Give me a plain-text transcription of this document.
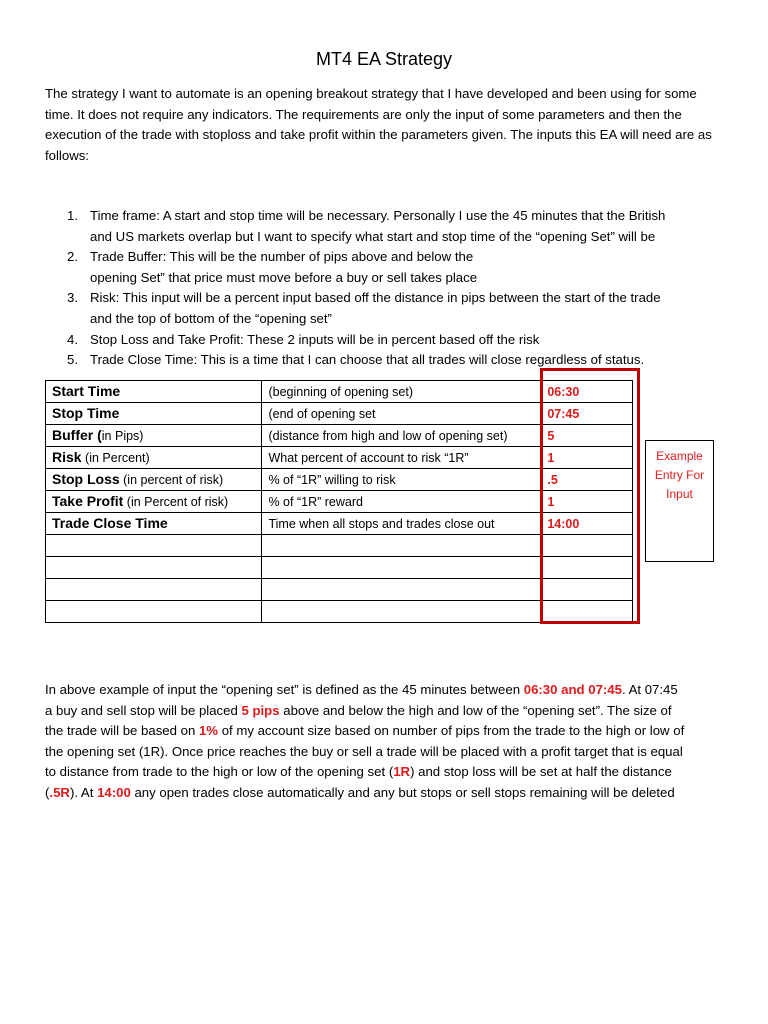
MT4 EA Strategy

The strategy I want to automate is an opening breakout strategy that I have developed and been using for some time. It does not require any indicators. The requirements are only the input of some parameters and then the execution of the trade with stoploss and take profit within the parameters given. The inputs this EA will need are as follows:

1. Time frame: A start and stop time will be necessary. Personally I use the 45 minutes that the British
and US markets overlap but I want to specify what start and stop time of the “opening Set” will be
2. Trade Buffer: This will be the number of pips above and below the
opening Set” that price must move before a buy or sell takes place
3. Risk: This input will be a percent input based off the distance in pips between the start of the trade
and the top of bottom of the “opening set”
4. Stop Loss and Take Profit: These 2 inputs will be in percent based off the risk
5. Trade Close Time: This is a time that I can choose that all trades will close regardless of status.
Start Time	(beginning of opening set)	06:30
Stop Time	(end of opening set	07:45
Buffer (in Pips)	(distance from high and low of opening set)	5
Risk (in Percent)	What percent of account to risk “1R”	1
Stop Loss (in percent of risk)	% of “1R” willing to risk	.5
Take Profit (in Percent of risk)	% of “1R” reward	1
Trade Close Time	Time when all stops and trades close out	14:00

Example
Entry For
Input

In above example of input the “opening set” is defined as the 45 minutes between 06:30 and 07:45. At 07:45
a buy and sell stop will be placed 5 pips above and below the high and low of the “opening set”. The size of
the trade will be based on 1% of my account size based on number of pips from the trade to the high or low of
the opening set (1R). Once price reaches the buy or sell a trade will be placed with a profit target that is equal
to distance from trade to the high or low of the opening set (1R) and stop loss will be set at half the distance
(.5R). At 14:00 any open trades close automatically and any but stops or sell stops remaining will be deleted
